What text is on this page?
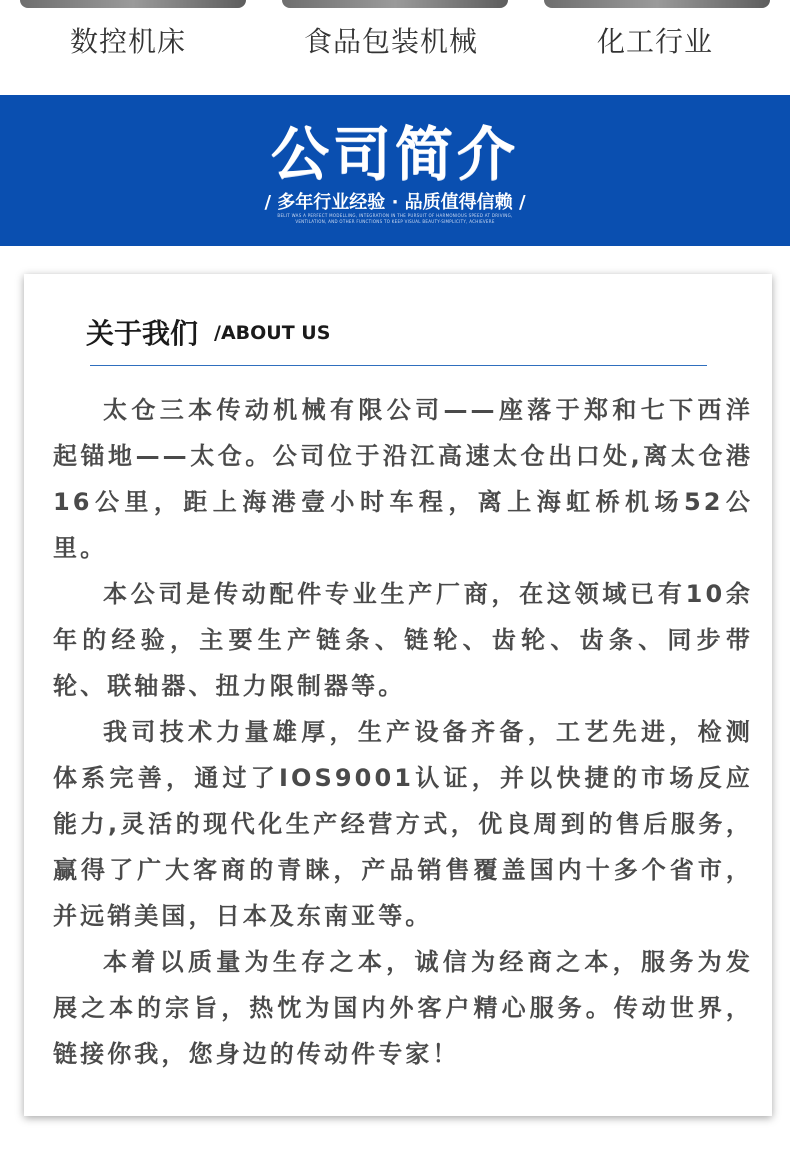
数控机床	食品包装机械	化工行业
公司简介
/ 多年行业经验 · 品质值得信赖 /
BELIT WAS A PERFECT MODELLING, INTEGRATION IN THE PURSUIT OF HARMONIOUS SPEED AT DRIVING, VENTILATION, AND OTHER FUNCTIONS TO KEEP VISUAL BEAUTY-SIMPLICITY, ACHIEVERE
关于我们 /ABOUT US

太仓三本传动机械有限公司——座落于郑和七下西洋起锚地——太仓。公司位于沿江高速太仓出口处,离太仓港16公里，距上海港壹小时车程，离上海虹桥机场52公里。

本公司是传动配件专业生产厂商，在这领域已有10余年的经验，主要生产链条、链轮、齿轮、齿条、同步带轮、联轴器、扭力限制器等。

我司技术力量雄厚，生产设备齐备，工艺先进，检测体系完善，通过了IOS9001认证，并以快捷的市场反应能力,灵活的现代化生产经营方式，优良周到的售后服务，赢得了广大客商的青睐，产品销售覆盖国内十多个省市，并远销美国，日本及东南亚等。

本着以质量为生存之本，诚信为经商之本，服务为发展之本的宗旨，热忱为国内外客户精心服务。传动世界，链接你我，您身边的传动件专家！
